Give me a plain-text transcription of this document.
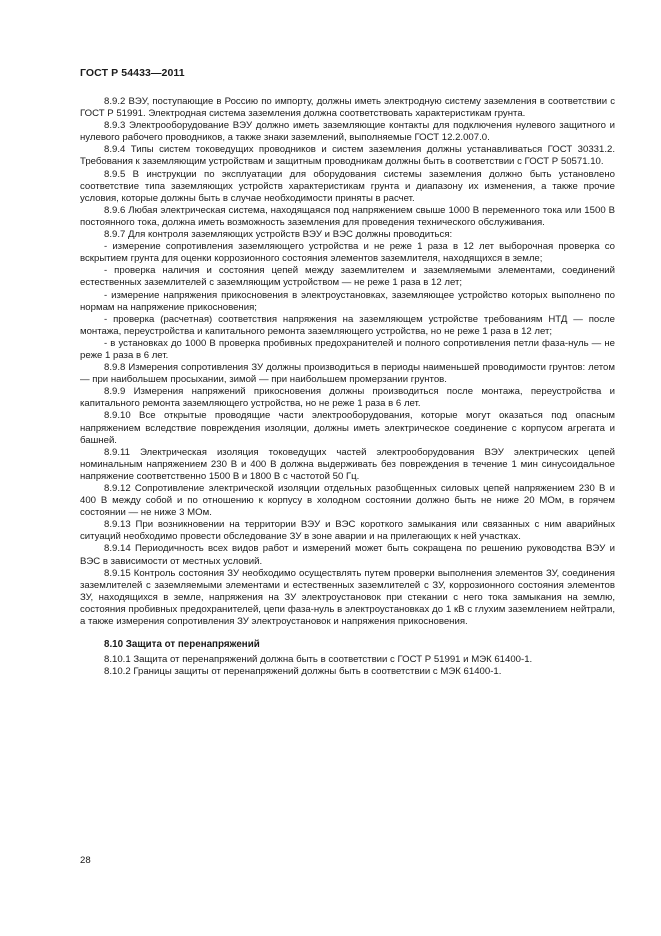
ГОСТ Р 54433—2011

8.9.2 ВЭУ, поступающие в Россию по импорту, должны иметь электродную систему заземления в соответствии с ГОСТ Р 51991. Электродная система заземления должна соответствовать характеристикам грунта.

8.9.3 Электрооборудование ВЭУ должно иметь заземляющие контакты для подключения нулевого защитного и нулевого рабочего проводников, а также знаки заземлений, выполняемые ГОСТ 12.2.007.0.

8.9.4 Типы систем токоведущих проводников и систем заземления должны устанавливаться ГОСТ 30331.2. Требования к заземляющим устройствам и защитным проводникам должны быть в соответствии с ГОСТ Р 50571.10.

8.9.5 В инструкции по эксплуатации для оборудования системы заземления должно быть установлено соответствие типа заземляющих устройств характеристикам грунта и диапазону их изменения, а также прочие условия, которые должны быть в случае необходимости приняты в расчет.

8.9.6 Любая электрическая система, находящаяся под напряжением свыше 1000 В переменного тока или 1500 В постоянного тока, должна иметь возможность заземления для проведения технического обслуживания.

8.9.7 Для контроля заземляющих устройств ВЭУ и ВЭС должны проводиться:

- измерение сопротивления заземляющего устройства и не реже 1 раза в 12 лет выборочная проверка со вскрытием грунта для оценки коррозионного состояния элементов заземлителя, находящихся в земле;

- проверка наличия и состояния цепей между заземлителем и заземляемыми элементами, соединений естественных заземлителей с заземляющим устройством — не реже 1 раза в 12 лет;

- измерение напряжения прикосновения в электроустановках, заземляющее устройство которых выполнено по нормам на напряжение прикосновения;

- проверка (расчетная) соответствия напряжения на заземляющем устройстве требованиям НТД — после монтажа, переустройства и капитального ремонта заземляющего устройства, но не реже 1 раза в 12 лет;

- в установках до 1000 В проверка пробивных предохранителей и полного сопротивления петли фаза-нуль — не реже 1 раза в 6 лет.

8.9.8 Измерения сопротивления ЗУ должны производиться в периоды наименьшей проводимости грунтов: летом — при наибольшем просыхании, зимой — при наибольшем промерзании грунтов.

8.9.9 Измерения напряжений прикосновения должны производиться после монтажа, переустройства и капитального ремонта заземляющего устройства, но не реже 1 раза в 6 лет.

8.9.10 Все открытые проводящие части электрооборудования, которые могут оказаться под опасным напряжением вследствие повреждения изоляции, должны иметь электрическое соединение с корпусом агрегата и башней.

8.9.11 Электрическая изоляция токоведущих частей электрооборудования ВЭУ электрических цепей номинальным напряжением 230 В и 400 В должна выдерживать без повреждения в течение 1 мин синусоидальное напряжение соответственно 1500 В и 1800 В с частотой 50 Гц.

8.9.12 Сопротивление электрической изоляции отдельных разобщенных силовых цепей напряжением 230 В и 400 В между собой и по отношению к корпусу в холодном состоянии должно быть не ниже 20 МОм, в горячем состоянии — не ниже 3 МОм.

8.9.13 При возникновении на территории ВЭУ и ВЭС короткого замыкания или связанных с ним аварийных ситуаций необходимо провести обследование ЗУ в зоне аварии и на прилегающих к ней участках.

8.9.14 Периодичность всех видов работ и измерений может быть сокращена по решению руководства ВЭУ и ВЭС в зависимости от местных условий.

8.9.15 Контроль состояния ЗУ необходимо осуществлять путем проверки выполнения элементов ЗУ, соединения заземлителей с заземляемыми элементами и естественных заземлителей с ЗУ, коррозионного состояния элементов ЗУ, находящихся в земле, напряжения на ЗУ электроустановок при стекании с него тока замыкания на землю, состояния пробивных предохранителей, цепи фаза-нуль в электроустановках до 1 кВ с глухим заземлением нейтрали, а также измерения сопротивления ЗУ электроустановок и напряжения прикосновения.

8.10 Защита от перенапряжений

8.10.1 Защита от перенапряжений должна быть в соответствии с ГОСТ Р 51991 и МЭК 61400-1.

8.10.2 Границы защиты от перенапряжений должны быть в соответствии с МЭК 61400-1.

28
